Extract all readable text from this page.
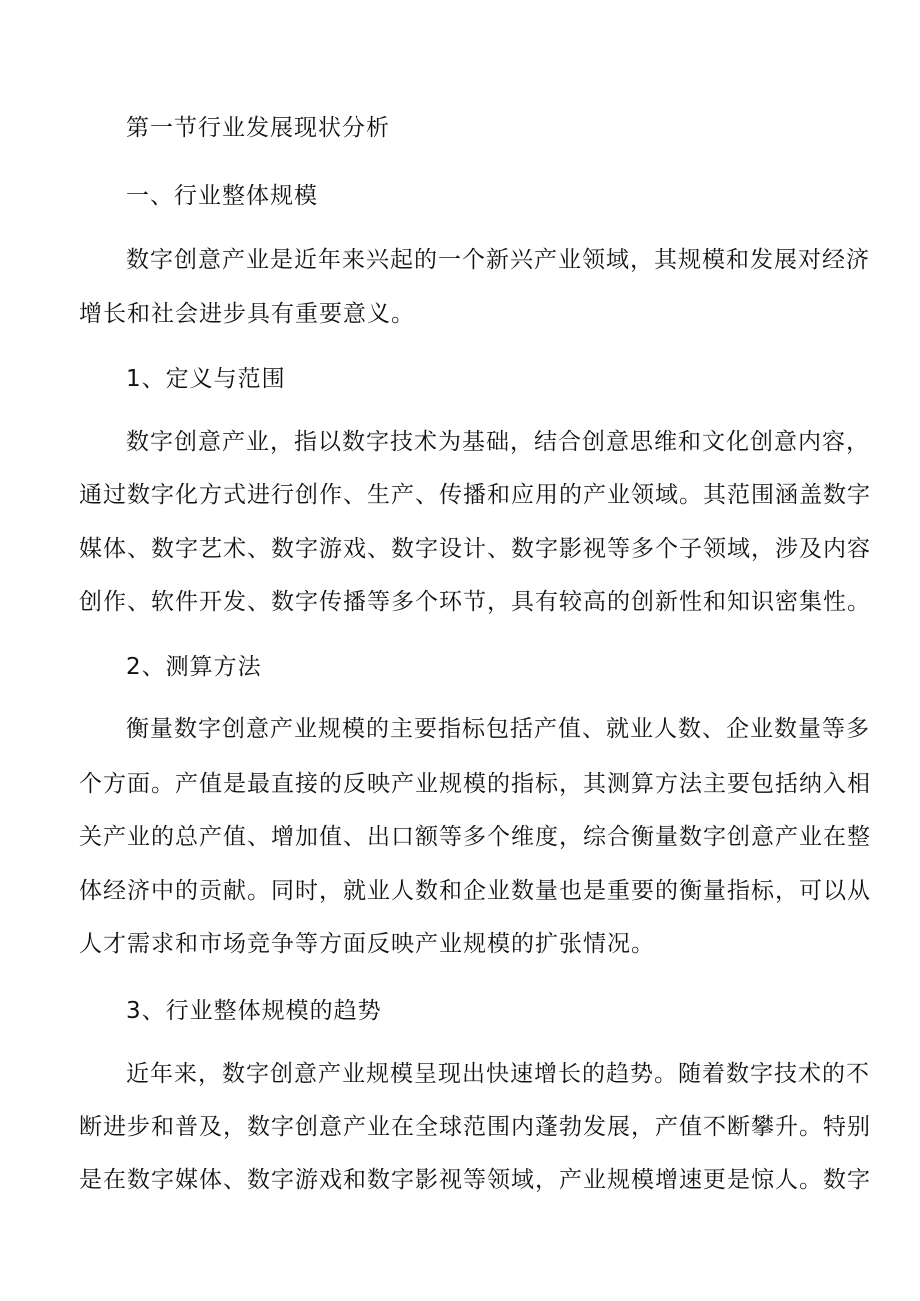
第一节行业发展现状分析
一、行业整体规模
数字创意产业是近年来兴起的一个新兴产业领域，其规模和发展对经济
增长和社会进步具有重要意义。
1、定义与范围
数字创意产业，指以数字技术为基础，结合创意思维和文化创意内容，
通过数字化方式进行创作、生产、传播和应用的产业领域。其范围涵盖数字
媒体、数字艺术、数字游戏、数字设计、数字影视等多个子领域，涉及内容
创作、软件开发、数字传播等多个环节，具有较高的创新性和知识密集性。
2、测算方法
衡量数字创意产业规模的主要指标包括产值、就业人数、企业数量等多
个方面。产值是最直接的反映产业规模的指标，其测算方法主要包括纳入相
关产业的总产值、增加值、出口额等多个维度，综合衡量数字创意产业在整
体经济中的贡献。同时，就业人数和企业数量也是重要的衡量指标，可以从
人才需求和市场竞争等方面反映产业规模的扩张情况。
3、行业整体规模的趋势
近年来，数字创意产业规模呈现出快速增长的趋势。随着数字技术的不
断进步和普及，数字创意产业在全球范围内蓬勃发展，产值不断攀升。特别
是在数字媒体、数字游戏和数字影视等领域，产业规模增速更是惊人。数字
